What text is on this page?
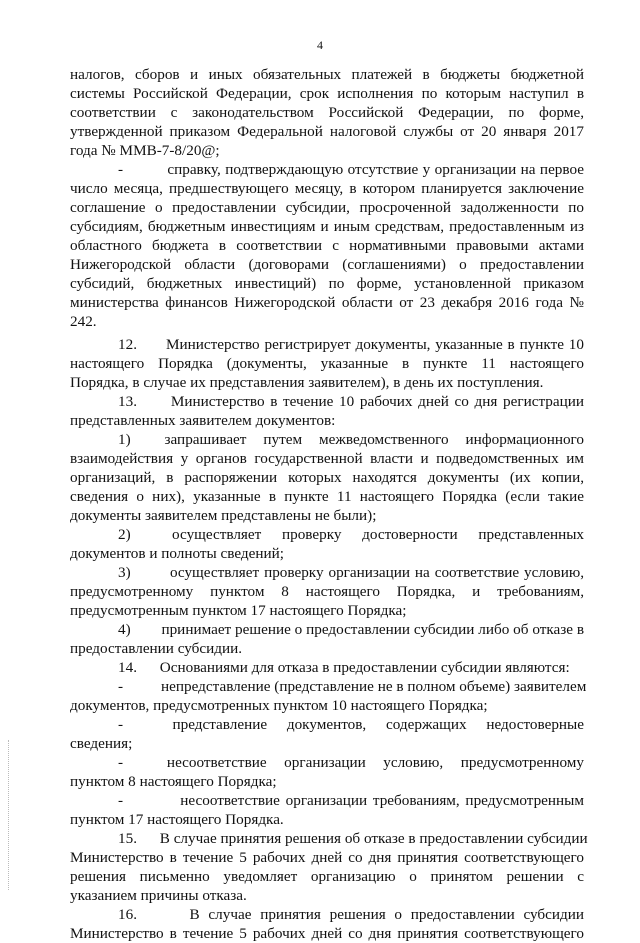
4
налогов, сборов и иных обязательных платежей в бюджеты бюджетной
системы Российской Федерации, срок исполнения по которым наступил в
соответствии с законодательством Российской Федерации, по форме,
утвержденной приказом Федеральной налоговой службы от 20 января 2017
года № ММВ-7-8/20@;
-          справку, подтверждающую отсутствие у организации на первое
число месяца, предшествующего месяцу, в котором планируется заключение
соглашение о предоставлении субсидии, просроченной задолженности по
субсидиям, бюджетным инвестициям и иным средствам, предоставленным из
областного бюджета в соответствии с нормативными правовыми актами
Нижегородской области (договорами (соглашениями) о предоставлении
субсидий, бюджетных инвестиций) по форме, установленной приказом
министерства финансов Нижегородской области от 23 декабря 2016 года №
242.
12.      Министерство регистрирует документы, указанные в пункте 10
настоящего Порядка (документы, указанные в пункте 11 настоящего
Порядка, в случае их представления заявителем), в день их поступления.
13.      Министерство в течение 10 рабочих дней со дня регистрации
представленных заявителем документов:
1)        запрашивает    путем    межведомственного    информационного
взаимодействия у органов государственной власти и подведомственных им
организаций, в распоряжении которых находятся документы (их копии,
сведения о них), указанные в пункте 11 настоящего Порядка (если такие
документы заявителем представлены не были);
2)        осуществляет    проверку    достоверности    представленных
документов и полноты сведений;
3)        осуществляет проверку организации на соответствие условию,
предусмотренному пунктом 8 настоящего Порядка, и требованиям,
предусмотренным пунктом 17 настоящего Порядка;
4)        принимает решение о предоставлении субсидии либо об отказе в
предоставлении субсидии.
14.      Основаниями для отказа в предоставлении субсидии являются:
-          непредставление (представление не в полном объеме) заявителем
документов, предусмотренных пунктом 10 настоящего Порядка;
-          представление    документов,    содержащих    недостоверные
сведения;
-          несоответствие    организации    условию,    предусмотренному
пунктом 8 настоящего Порядка;
-          несоответствие организации требованиям, предусмотренным
пунктом 17 настоящего Порядка.
15.      В случае принятия решения об отказе в предоставлении субсидии
Министерство в течение 5 рабочих дней со дня принятия соответствующего
решения письменно уведомляет организацию о принятом решении с
указанием причины отказа.
16.      В случае принятия решения о предоставлении субсидии
Министерство в течение 5 рабочих дней со дня принятия соответствующего
